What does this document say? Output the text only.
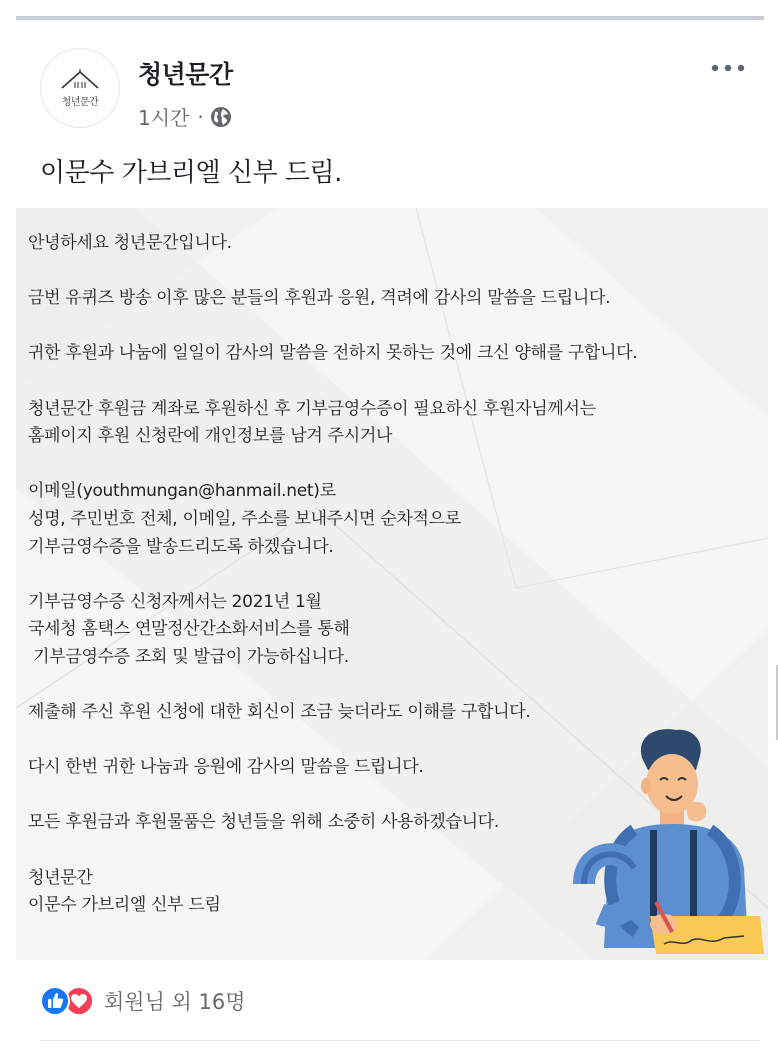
청년문간
청년문간
1시간 ·
이문수 가브리엘 신부 드림.
안녕하세요 청년문간입니다.
금번 유퀴즈 방송 이후 많은 분들의 후원과 응원, 격려에 감사의 말씀을 드립니다.
귀한 후원과 나눔에 일일이 감사의 말씀을 전하지 못하는 것에 크신 양해를 구합니다.
청년문간 후원금 계좌로 후원하신 후 기부금영수증이 필요하신 후원자님께서는
홈페이지 후원 신청란에 개인정보를 남겨 주시거나
이메일(youthmungan@hanmail.net)로
성명, 주민번호 전체, 이메일, 주소를 보내주시면 순차적으로
기부금영수증을 발송드리도록 하겠습니다.
기부금영수증 신청자께서는 2021년 1월
국세청 홈택스 연말정산간소화서비스를 통해
기부금영수증 조회 및 발급이 가능하십니다.
제출해 주신 후원 신청에 대한 회신이 조금 늦더라도 이해를 구합니다.
다시 한번 귀한 나눔과 응원에 감사의 말씀을 드립니다.
모든 후원금과 후원물품은 청년들을 위해 소중히 사용하겠습니다.
청년문간
이문수 가브리엘 신부 드림
회원님 외 16명
